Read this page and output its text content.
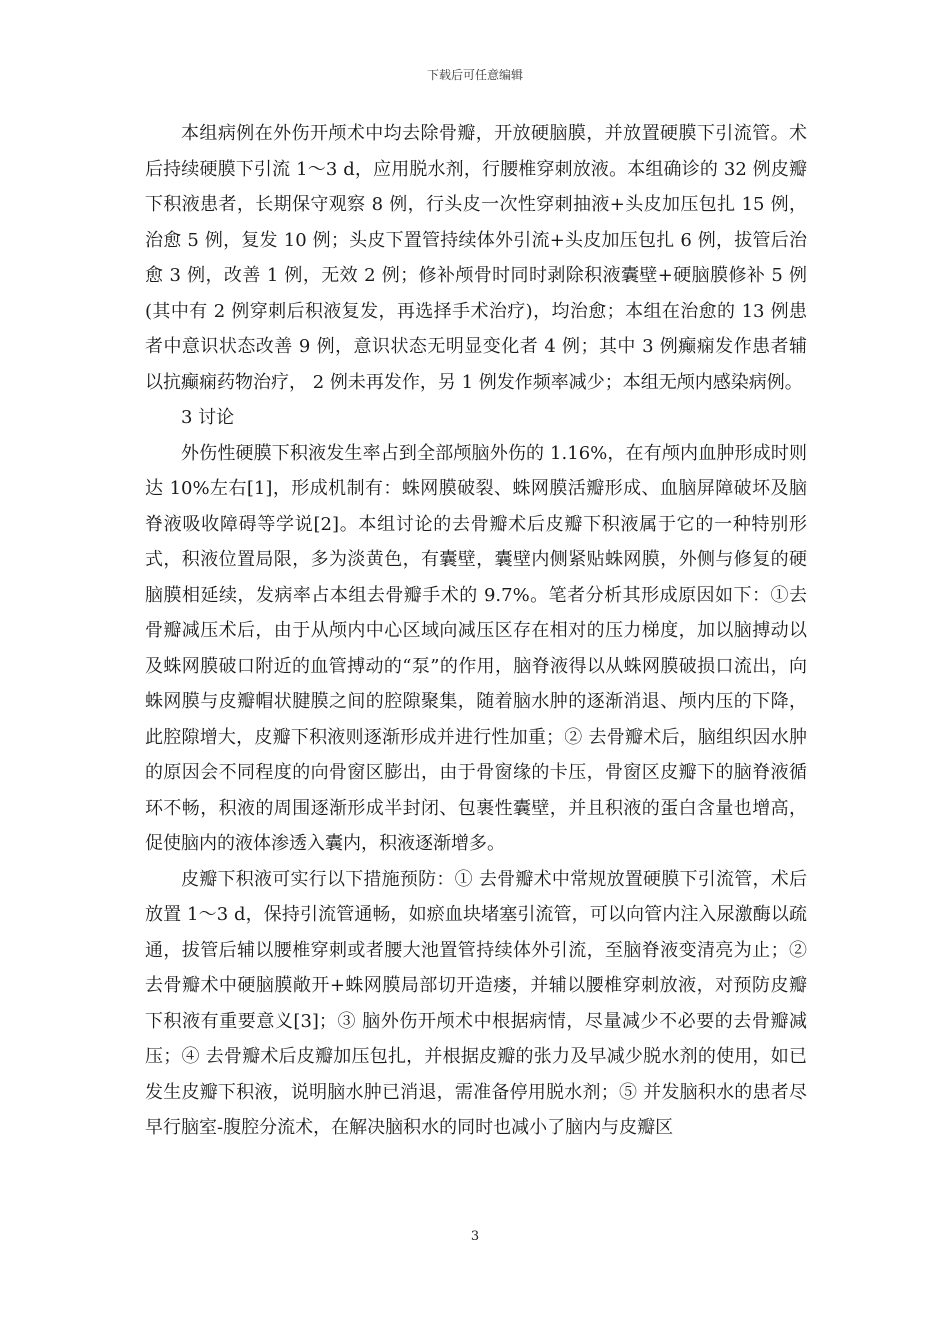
下载后可任意编辑

本组病例在外伤开颅术中均去除骨瓣，开放硬脑膜，并放置硬膜下引流管。术后持续硬膜下引流 1～3 d，应用脱水剂，行腰椎穿刺放液。本组确诊的 32 例皮瓣下积液患者，长期保守观察 8 例，行头皮一次性穿刺抽液+头皮加压包扎 15 例，治愈 5 例，复发 10 例；头皮下置管持续体外引流+头皮加压包扎 6 例，拔管后治愈 3 例，改善 1 例，无效 2 例；修补颅骨时同时剥除积液囊壁+硬脑膜修补 5 例(其中有 2 例穿刺后积液复发，再选择手术治疗)，均治愈；本组在治愈的 13 例患者中意识状态改善 9 例，意识状态无明显变化者 4 例；其中 3 例癫痫发作患者辅以抗癫痫药物治疗， 2 例未再发作，另 1 例发作频率减少；本组无颅内感染病例。

3 讨论

外伤性硬膜下积液发生率占到全部颅脑外伤的 1.16%，在有颅内血肿形成时则达 10%左右[1]，形成机制有：蛛网膜破裂、蛛网膜活瓣形成、血脑屏障破坏及脑脊液吸收障碍等学说[2]。本组讨论的去骨瓣术后皮瓣下积液属于它的一种特别形式，积液位置局限，多为淡黄色，有囊壁，囊壁内侧紧贴蛛网膜，外侧与修复的硬脑膜相延续，发病率占本组去骨瓣手术的 9.7%。笔者分析其形成原因如下：①去骨瓣减压术后，由于从颅内中心区域向减压区存在相对的压力梯度，加以脑搏动以及蛛网膜破口附近的血管搏动的“泵”的作用，脑脊液得以从蛛网膜破损口流出，向蛛网膜与皮瓣帽状腱膜之间的腔隙聚集，随着脑水肿的逐渐消退、颅内压的下降，此腔隙增大，皮瓣下积液则逐渐形成并进行性加重；② 去骨瓣术后，脑组织因水肿的原因会不同程度的向骨窗区膨出，由于骨窗缘的卡压，骨窗区皮瓣下的脑脊液循环不畅，积液的周围逐渐形成半封闭、包裹性囊壁，并且积液的蛋白含量也增高，促使脑内的液体渗透入囊内，积液逐渐增多。

皮瓣下积液可实行以下措施预防：① 去骨瓣术中常规放置硬膜下引流管，术后放置 1～3 d，保持引流管通畅，如瘀血块堵塞引流管，可以向管内注入尿激酶以疏通，拔管后辅以腰椎穿刺或者腰大池置管持续体外引流，至脑脊液变清亮为止；② 去骨瓣术中硬脑膜敞开+蛛网膜局部切开造瘘，并辅以腰椎穿刺放液，对预防皮瓣下积液有重要意义[3]；③ 脑外伤开颅术中根据病情，尽量减少不必要的去骨瓣减压；④ 去骨瓣术后皮瓣加压包扎，并根据皮瓣的张力及早减少脱水剂的使用，如已发生皮瓣下积液，说明脑水肿已消退，需准备停用脱水剂；⑤ 并发脑积水的患者尽早行脑室-腹腔分流术，在解决脑积水的同时也减小了脑内与皮瓣区

3
